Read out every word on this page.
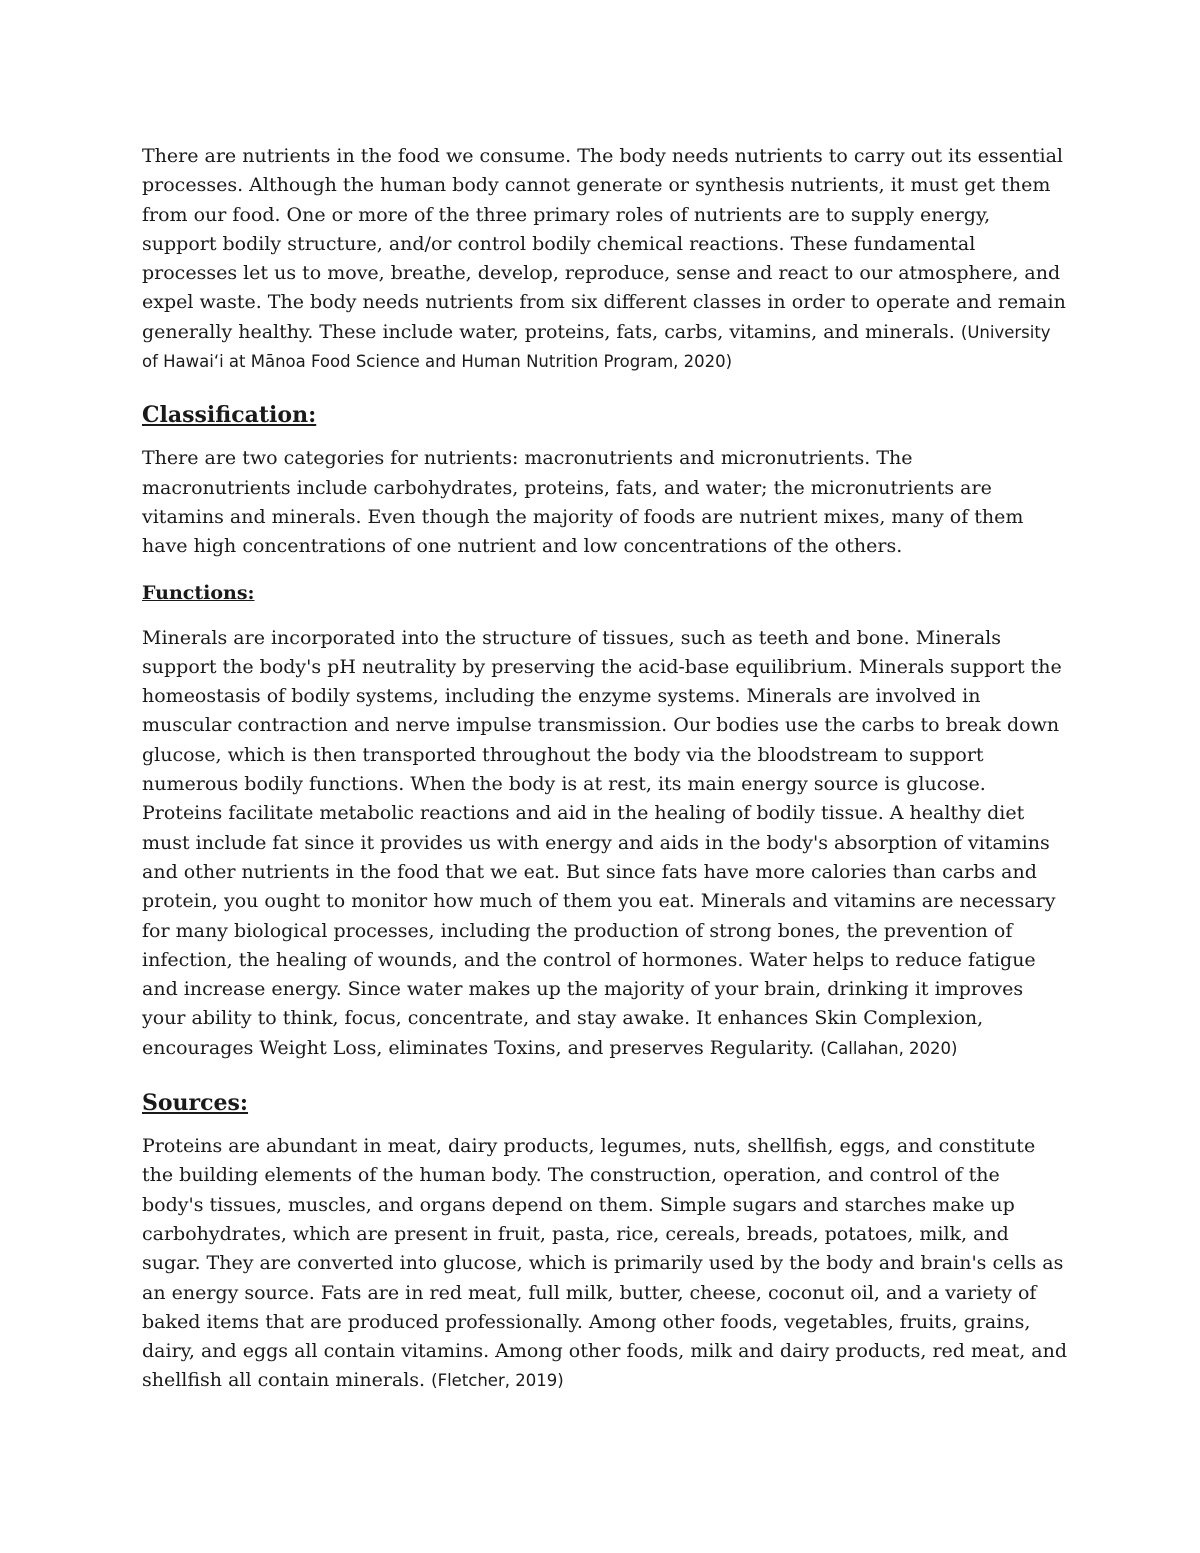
There are nutrients in the food we consume. The body needs nutrients to carry out its essential processes. Although the human body cannot generate or synthesis nutrients, it must get them from our food. One or more of the three primary roles of nutrients are to supply energy, support bodily structure, and/or control bodily chemical reactions. These fundamental processes let us to move, breathe, develop, reproduce, sense and react to our atmosphere, and expel waste. The body needs nutrients from six different classes in order to operate and remain generally healthy. These include water, proteins, fats, carbs, vitamins, and minerals. (University of Hawaiʻi at Mānoa Food Science and Human Nutrition Program, 2020)

Classification:

There are two categories for nutrients: macronutrients and micronutrients. The macronutrients include carbohydrates, proteins, fats, and water; the micronutrients are vitamins and minerals. Even though the majority of foods are nutrient mixes, many of them have high concentrations of one nutrient and low concentrations of the others.

Functions:

Minerals are incorporated into the structure of tissues, such as teeth and bone. Minerals support the body's pH neutrality by preserving the acid-base equilibrium. Minerals support the homeostasis of bodily systems, including the enzyme systems. Minerals are involved in muscular contraction and nerve impulse transmission. Our bodies use the carbs to break down glucose, which is then transported throughout the body via the bloodstream to support numerous bodily functions. When the body is at rest, its main energy source is glucose. Proteins facilitate metabolic reactions and aid in the healing of bodily tissue. A healthy diet must include fat since it provides us with energy and aids in the body's absorption of vitamins and other nutrients in the food that we eat. But since fats have more calories than carbs and protein, you ought to monitor how much of them you eat. Minerals and vitamins are necessary for many biological processes, including the production of strong bones, the prevention of infection, the healing of wounds, and the control of hormones. Water helps to reduce fatigue and increase energy. Since water makes up the majority of your brain, drinking it improves your ability to think, focus, concentrate, and stay awake. It enhances Skin Complexion, encourages Weight Loss, eliminates Toxins, and preserves Regularity. (Callahan, 2020)

Sources:

Proteins are abundant in meat, dairy products, legumes, nuts, shellfish, eggs, and constitute the building elements of the human body. The construction, operation, and control of the body's tissues, muscles, and organs depend on them. Simple sugars and starches make up carbohydrates, which are present in fruit, pasta, rice, cereals, breads, potatoes, milk, and sugar. They are converted into glucose, which is primarily used by the body and brain's cells as an energy source. Fats are in red meat, full milk, butter, cheese, coconut oil, and a variety of baked items that are produced professionally. Among other foods, vegetables, fruits, grains, dairy, and eggs all contain vitamins. Among other foods, milk and dairy products, red meat, and shellfish all contain minerals. (Fletcher, 2019)
